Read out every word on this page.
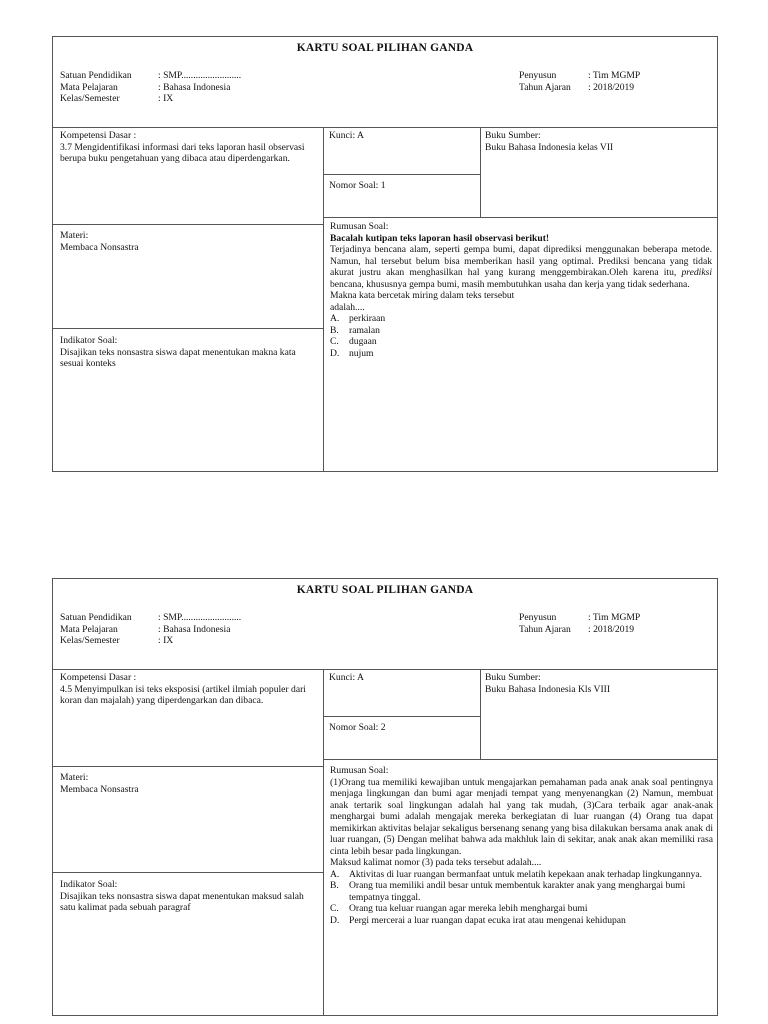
KARTU SOAL PILIHAN GANDA
Satuan Pendidikan	: SMP.........................
Mata Pelajaran	: Bahasa Indonesia
Kelas/Semester	: IX
Penyusun	: Tim MGMP
Tahun Ajaran	: 2018/2019
Kompetensi Dasar :
3.7 Mengidentifikasi informasi dari teks laporan hasil observasi berupa buku pengetahuan yang dibaca atau diperdengarkan.
Kunci: A	Buku Sumber:
Buku Bahasa Indonesia kelas VII
Nomor Soal: 1
Materi:
Membaca Nonsastra
Indikator Soal:
Disajikan teks nonsastra siswa dapat menentukan makna kata sesuai konteks
Rumusan Soal:
Bacalah kutipan teks laporan hasil observasi berikut!
Terjadinya bencana alam, seperti gempa bumi, dapat diprediksi menggunakan beberapa metode. Namun, hal tersebut belum bisa memberikan hasil yang optimal. Prediksi bencana yang tidak akurat justru akan menghasilkan hal yang kurang menggembirakan.Oleh karena itu, prediksi bencana, khususnya gempa bumi, masih membutuhkan usaha dan kerja yang tidak sederhana.
Makna kata bercetak miring dalam teks tersebut
adalah....
A.	perkiraan
B.	ramalan
C.	dugaan
D.	nujum
KARTU SOAL PILIHAN GANDA
Satuan Pendidikan	: SMP.........................
Mata Pelajaran	: Bahasa Indonesia
Kelas/Semester	: IX
Penyusun	: Tim MGMP
Tahun Ajaran	: 2018/2019
Kompetensi Dasar :
4.5 Menyimpulkan isi teks eksposisi (artikel ilmiah populer dari koran dan majalah) yang diperdengarkan dan dibaca.
Kunci: A	Buku Sumber:
Buku Bahasa Indonesia Kls VIII
Nomor Soal: 2
Materi:
Membaca Nonsastra
Indikator Soal:
Disajikan teks nonsastra siswa dapat menentukan maksud salah satu kalimat pada sebuah paragraf
Rumusan Soal:
(1)Orang tua memiliki kewajiban untuk mengajarkan pemahaman pada anak anak soal pentingnya menjaga lingkungan dan bumi agar menjadi tempat yang menyenangkan (2) Namun, membuat anak tertarik soal lingkungan adalah hal yang tak mudah, (3)Cara terbaik agar anak-anak menghargai bumi adalah mengajak mereka berkegiatan di luar ruangan (4) Orang tua dapat memikirkan aktivitas belajar sekaligus bersenang senang yang bisa dilakukan bersama anak anak di luar ruangan, (5) Dengan melihat bahwa ada makhluk lain di sekitar, anak anak akan memiliki rasa cinta lebih besar pada lingkungan.
Maksud kalimat nomor (3) pada teks tersebut adalah....
A.	Aktivitas di luar ruangan bermanfaat untuk melatih kepekaan anak terhadap lingkungannya.
B.	Orang tua memiliki andil besar untuk membentuk karakter anak yang menghargai bumi tempatnya tinggal.
C.	Orang tua keluar ruangan agar mereka lebih menghargai bumi
D.	Pergi mercerai a luar ruangan dapat ecuka irat atau mengenai kehidupan
